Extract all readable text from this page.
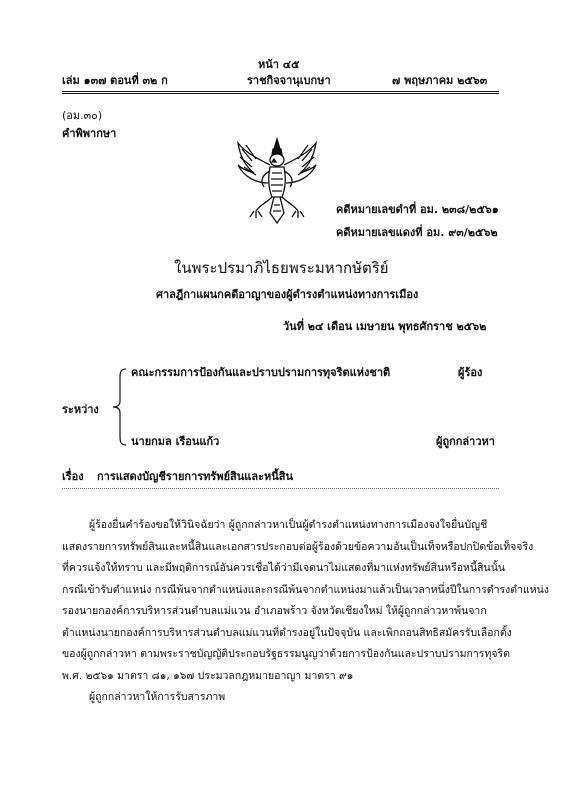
หน้า ๔๕
เล่ม ๑๓๗ ตอนที่ ๓๒ ก	ราชกิจจานุเบกษา	๗ พฤษภาคม ๒๕๖๓
(อม.๓๐)
คำพิพากษา
คดีหมายเลขดำที่ อม. ๒๓๘/๒๕๖๑
คดีหมายเลขแดงที่ อม. ๙๓/๒๕๖๒
ในพระปรมาภิไธยพระมหากษัตริย์
ศาลฎีกาแผนกคดีอาญาของผู้ดำรงตำแหน่งทางการเมือง
วันที่ ๒๔ เดือน เมษายน พุทธศักราช ๒๕๖๒
คณะกรรมการป้องกันและปราบปรามการทุจริตแห่งชาติ	ผู้ร้อง
ระหว่าง
นายกมล เรือนแก้ว	ผู้ถูกกล่าวหา
เรื่อง การแสดงบัญชีรายการทรัพย์สินและหนี้สิน
ผู้ร้องยื่นคำร้องขอให้วินิจฉัยว่า ผู้ถูกกล่าวหาเป็นผู้ดำรงตำแหน่งทางการเมืองจงใจยื่นบัญชี
แสดงรายการทรัพย์สินและหนี้สินและเอกสารประกอบต่อผู้ร้องด้วยข้อความอันเป็นเท็จหรือปกปิดข้อเท็จจริง
ที่ควรแจ้งให้ทราบ และมีพฤติการณ์อันควรเชื่อได้ว่ามีเจตนาไม่แสดงที่มาแห่งทรัพย์สินหรือหนี้สินนั้น
กรณีเข้ารับตำแหน่ง กรณีพ้นจากตำแหน่งและกรณีพ้นจากตำแหน่งมาแล้วเป็นเวลาหนึ่งปีในการดำรงตำแหน่ง
รองนายกองค์การบริหารส่วนตำบลแม่แวน อำเภอพร้าว จังหวัดเชียงใหม่ ให้ผู้ถูกกล่าวหาพ้นจาก
ตำแหน่งนายกองค์การบริหารส่วนตำบลแม่แวนที่ดำรงอยู่ในปัจจุบัน และเพิกถอนสิทธิสมัครรับเลือกตั้ง
ของผู้ถูกกล่าวหา ตามพระราชบัญญัติประกอบรัฐธรรมนูญว่าด้วยการป้องกันและปราบปรามการทุจริต
พ.ศ. ๒๕๖๑ มาตรา ๘๑, ๑๖๗ ประมวลกฎหมายอาญา มาตรา ๙๑
ผู้ถูกกล่าวหาให้การรับสารภาพ
